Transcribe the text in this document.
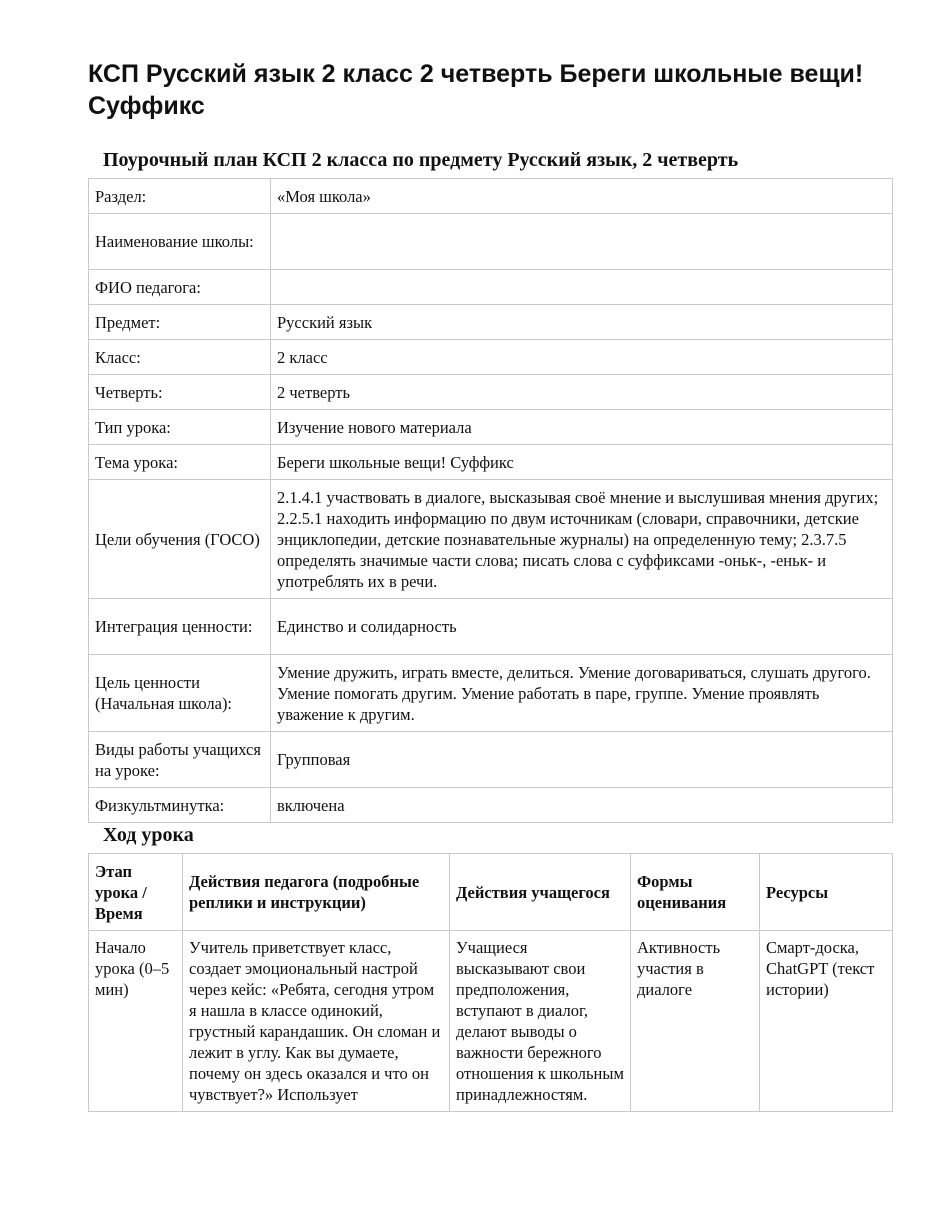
КСП Русский язык 2 класс 2 четверть Береги школьные вещи! Суффикс
Поурочный план КСП 2 класса по предмету Русский язык, 2 четверть
Раздел:	«Моя школа»
Наименование школы:	
ФИО педагога:	
Предмет:	Русский язык
Класс:	2 класс
Четверть:	2 четверть
Тип урока:	Изучение нового материала
Тема урока:	Береги школьные вещи! Суффикс
Цели обучения (ГОСО)	2.1.4.1 участвовать в диалоге, высказывая своё мнение и выслушивая мнения других; 2.2.5.1 находить информацию по двум источникам (словари, справочники, детские энциклопедии, детские познавательные журналы) на определенную тему; 2.3.7.5 определять значимые части слова; писать слова с суффиксами -оньк-, -еньк- и употреблять их в речи.
Интеграция ценности:	Единство и солидарность
Цель ценности (Начальная школа):	Умение дружить, играть вместе, делиться. Умение договариваться, слушать другого. Умение помогать другим. Умение работать в паре, группе. Умение проявлять уважение к другим.
Виды работы учащихся на уроке:	Групповая
Физкультминутка:	включена
Ход урока
Этап урока / Время	Действия педагога (подробные реплики и инструкции)	Действия учащегося	Формы оценивания	Ресурсы
Начало урока (0–5 мин)	Учитель приветствует класс, создает эмоциональный настрой через кейс: «Ребята, сегодня утром я нашла в классе одинокий, грустный карандашик. Он сломан и лежит в углу. Как вы думаете, почему он здесь оказался и что он чувствует?» Использует	Учащиеся высказывают свои предположения, вступают в диалог, делают выводы о важности бережного отношения к школьным принадлежностям.	Активность участия в диалоге	Смарт-доска, ChatGPT (текст истории)
